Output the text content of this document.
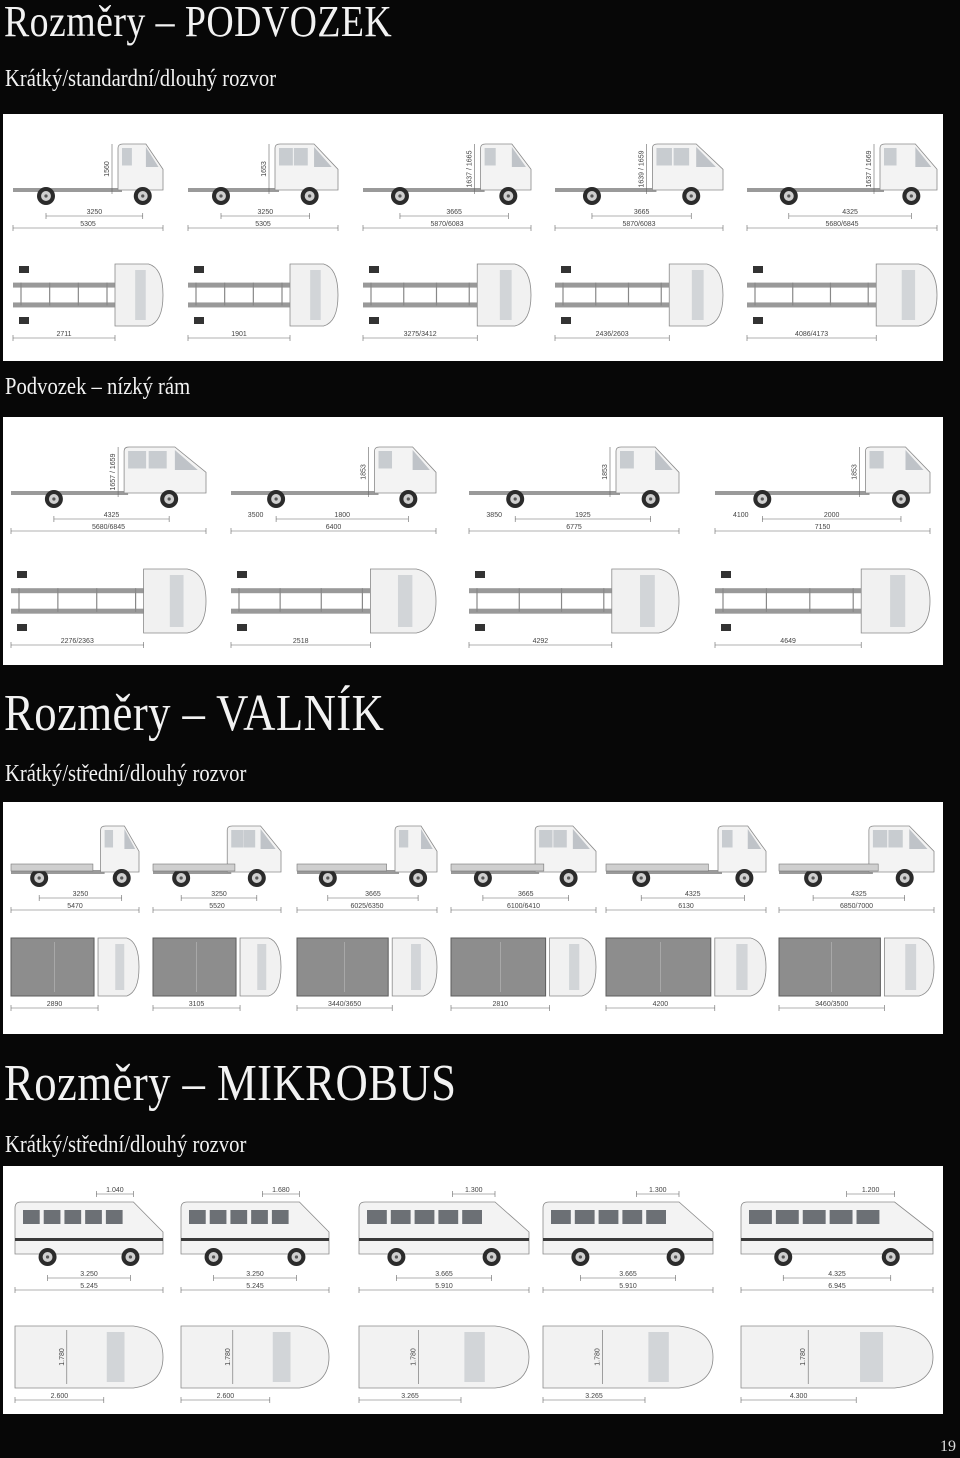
Rozměry – PODVOZEK
Krátký/standardní/dlouhý rozvor
1560
3250
5305
1653
3250
5305
1637 / 1665
3665
5870/6083
1639 / 1659
3665
5870/6083
1637 / 1669
4325
5680/6845
2711	1901	3275/3412	2436/2603	4086/4173
Podvozek – nízký rám
1657 / 1659
4325
5680/6845
1853
1800
3500
6400
1853
1925
3850
6775
1853
2000
4100
7150
2276/2363	2518	4292	4649
Rozměry – VALNÍK
Krátký/střední/dlouhý rozvor
3250
5470
3250
5520
3665
6025/6350
3665
6100/6410
4325
6130
4325
6850/7000
2890	3105	3440/3650	2810	4200	3460/3500
Rozměry – MIKROBUS
Krátký/střední/dlouhý rozvor
1.040
3.250
5.245
1.680
3.250
5.245
1.300
3.665
5.910
1.300
3.665
5.910
1.200
4.325
6.945
1.780
2.600
1.780
2.600
1.780
3.265
1.780
3.265
1.780
4.300
19
